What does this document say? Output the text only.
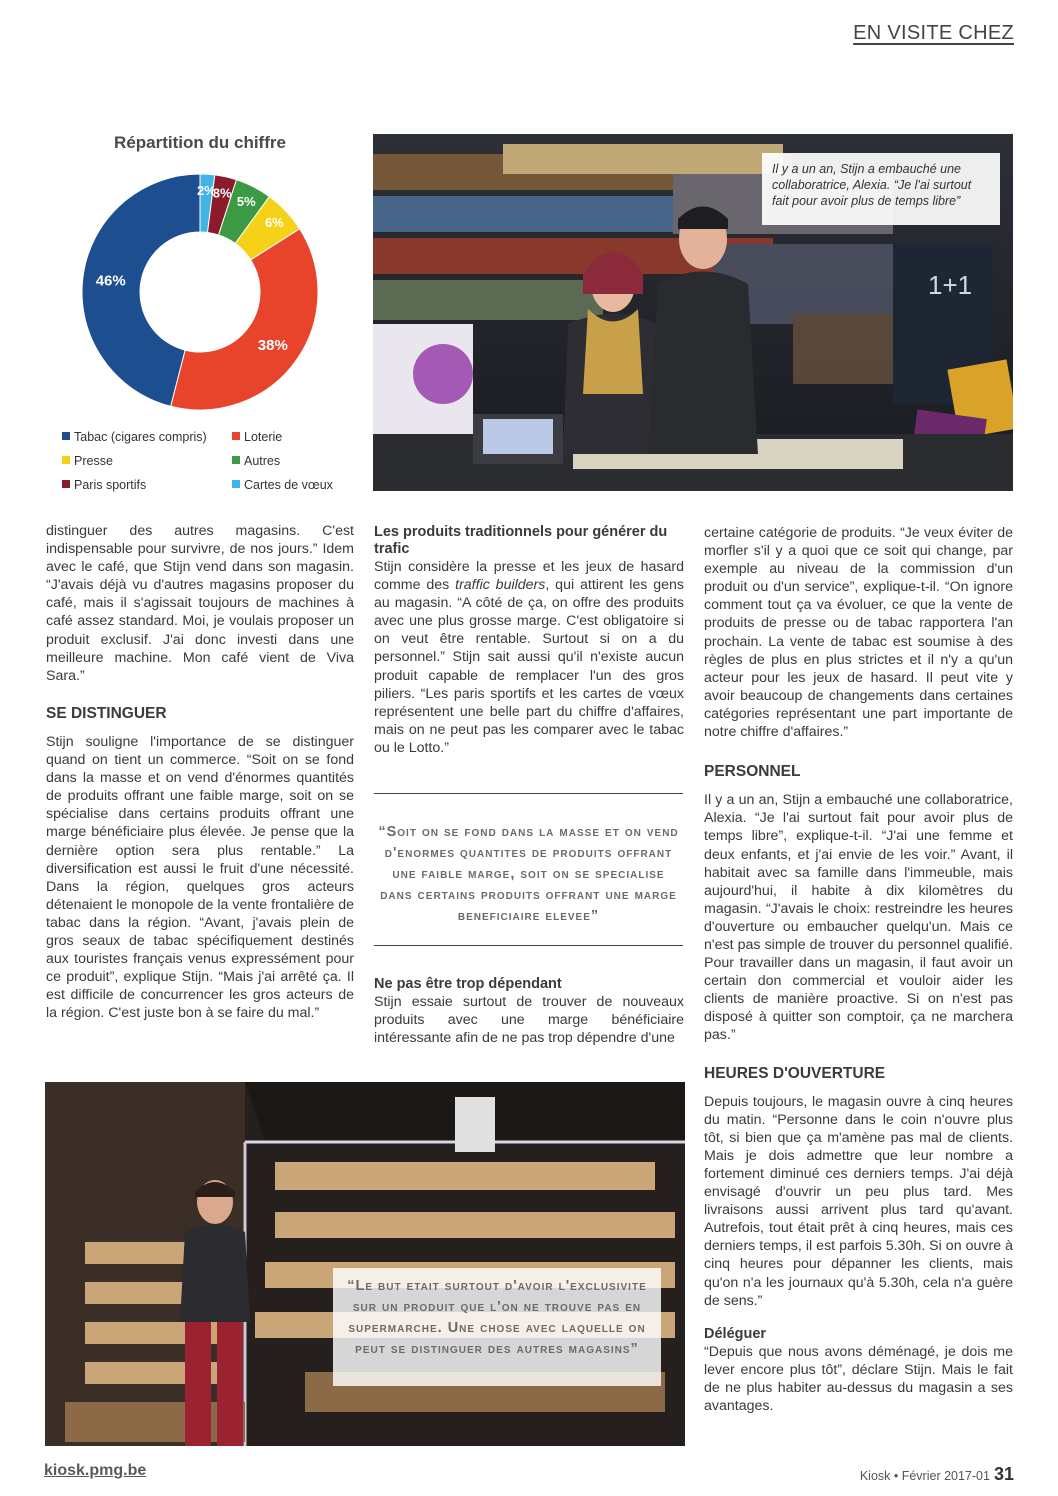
EN VISITE CHEZ
Répartition du chiffre
2%
3%
5%
6%
38%
46%
Tabac (cigares compris)	Loterie
Presse	Autres
Paris sportifs	Cartes de vœux
1+1
Il y a un an, Stijn a embauché une collaboratrice, Alexia. “Je l'ai surtout fait pour avoir plus de temps libre”

distinguer des autres magasins. C'est indispensable pour survivre, de nos jours.” Idem avec le café, que Stijn vend dans son magasin. “J'avais déjà vu d'autres magasins proposer du café, mais il s'agissait toujours de machines à café assez standard. Moi, je voulais proposer un produit exclusif. J'ai donc investi dans une meilleure machine. Mon café vient de Viva Sara.”

SE DISTINGUER

Stijn souligne l'importance de se distinguer quand on tient un commerce. “Soit on se fond dans la masse et on vend d'énormes quantités de produits offrant une faible marge, soit on se spécialise dans certains produits offrant une marge bénéficiaire plus élevée. Je pense que la dernière option sera plus rentable.” La diversification est aussi le fruit d'une nécessité. Dans la région, quelques gros acteurs détenaient le monopole de la vente frontalière de tabac dans la région. “Avant, j'avais plein de gros seaux de tabac spécifiquement destinés aux touristes français venus expressément pour ce produit”, explique Stijn. “Mais j'ai arrêté ça. Il est difficile de concurrencer les gros acteurs de la région. C'est juste bon à se faire du mal.”

Les produits traditionnels pour générer du trafic

Stijn considère la presse et les jeux de hasard comme des traffic builders, qui attirent les gens au magasin. “A côté de ça, on offre des produits avec une plus grosse marge. C'est obligatoire si on veut être rentable. Surtout si on a du personnel.” Stijn sait aussi qu'il n'existe aucun produit capable de remplacer l'un des gros piliers. “Les paris sportifs et les cartes de vœux représentent une belle part du chiffre d'affaires, mais on ne peut pas les comparer avec le tabac ou le Lotto.”

“Soit on se fond dans la masse et on vend d'enormes quantites de produits offrant une faible marge, soit on se specialise dans certains produits offrant une marge beneficiaire elevee”
Ne pas être trop dépendant

Stijn essaie surtout de trouver de nouveaux produits avec une marge bénéficiaire intéressante afin de ne pas trop dépendre d'une

certaine catégorie de produits. “Je veux éviter de morfler s'il y a quoi que ce soit qui change, par exemple au niveau de la commission d'un produit ou d'un service”, explique-t-il. “On ignore comment tout ça va évoluer, ce que la vente de produits de presse ou de tabac rapportera l'an prochain. La vente de tabac est soumise à des règles de plus en plus strictes et il n'y a qu'un acteur pour les jeux de hasard. Il peut vite y avoir beaucoup de changements dans certaines catégories représentant une part importante de notre chiffre d'affaires.”

PERSONNEL

Il y a un an, Stijn a embauché une collaboratrice, Alexia. “Je l'ai surtout fait pour avoir plus de temps libre”, explique-t-il. “J'ai une femme et deux enfants, et j'ai envie de les voir.” Avant, il habitait avec sa famille dans l'immeuble, mais aujourd'hui, il habite à dix kilomètres du magasin. “J'avais le choix: restreindre les heures d'ouverture ou embaucher quelqu'un. Mais ce n'est pas simple de trouver du personnel qualifié. Pour travailler dans un magasin, il faut avoir un certain don commercial et vouloir aider les clients de manière proactive. Si on n'est pas disposé à quitter son comptoir, ça ne marchera pas.”

HEURES D'OUVERTURE

Depuis toujours, le magasin ouvre à cinq heures du matin. “Personne dans le coin n'ouvre plus tôt, si bien que ça m'amène pas mal de clients. Mais je dois admettre que leur nombre a fortement diminué ces derniers temps. J'ai déjà envisagé d'ouvrir un peu plus tard. Mes livraisons aussi arrivent plus tard qu'avant. Autrefois, tout était prêt à cinq heures, mais ces derniers temps, il est parfois 5.30h. Si on ouvre à cinq heures pour dépanner les clients, mais qu'on n'a les journaux qu'à 5.30h, cela n'a guère de sens.”

Déléguer

“Depuis que nous avons déménagé, je dois me lever encore plus tôt”, déclare Stijn. Mais le fait de ne plus habiter au-dessus du magasin a ses avantages.

“Le but etait surtout d'avoir l'exclusivite sur un produit que l'on ne trouve pas en supermarche. Une chose avec laquelle on peut se distinguer des autres magasins”
kiosk.pmg.be	Kiosk • Février 2017-01 31
